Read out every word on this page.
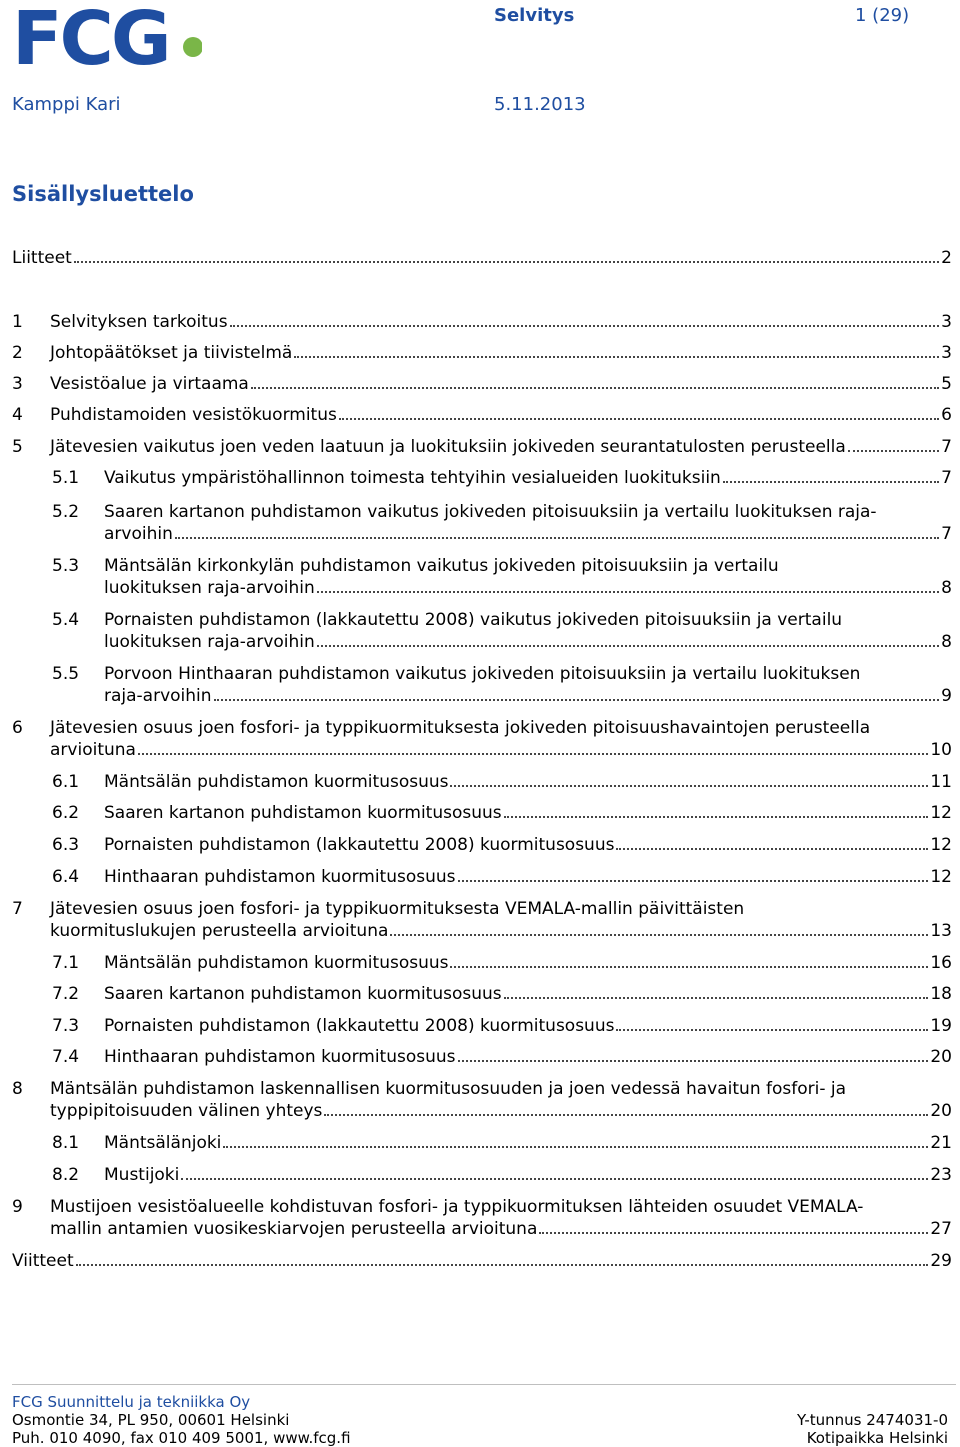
FCG	Selvitys	1 (29)
Kamppi Kari	5.11.2013
Sisällysluettelo
Liitteet	2
1 Selvityksen tarkoitus	3
2 Johtopäätökset ja tiivistelmä	3
3 Vesistöalue ja virtaama	5
4 Puhdistamoiden vesistökuormitus	6
5 Jätevesien vaikutus joen veden laatuun ja luokituksiin jokiveden seurantatulosten perusteella	7
5.1 Vaikutus ympäristöhallinnon toimesta tehtyihin vesialueiden luokituksiin	7
5.2 Saaren kartanon puhdistamon vaikutus jokiveden pitoisuuksiin ja vertailu luokituksen raja-
arvoihin	7
5.3 Mäntsälän kirkonkylän puhdistamon vaikutus jokiveden pitoisuuksiin ja vertailu
luokituksen raja-arvoihin	8
5.4 Pornaisten puhdistamon (lakkautettu 2008) vaikutus jokiveden pitoisuuksiin ja vertailu
luokituksen raja-arvoihin	8
5.5 Porvoon Hinthaaran puhdistamon vaikutus jokiveden pitoisuuksiin ja vertailu luokituksen
raja-arvoihin	9
6 Jätevesien osuus joen fosfori- ja typpikuormituksesta jokiveden pitoisuushavaintojen perusteella
arvioituna	10
6.1 Mäntsälän puhdistamon kuormitusosuus	11
6.2 Saaren kartanon puhdistamon kuormitusosuus	12
6.3 Pornaisten puhdistamon (lakkautettu 2008) kuormitusosuus	12
6.4 Hinthaaran puhdistamon kuormitusosuus	12
7 Jätevesien osuus joen fosfori- ja typpikuormituksesta VEMALA-mallin päivittäisten
kuormituslukujen perusteella arvioituna	13
7.1 Mäntsälän puhdistamon kuormitusosuus	16
7.2 Saaren kartanon puhdistamon kuormitusosuus	18
7.3 Pornaisten puhdistamon (lakkautettu 2008) kuormitusosuus	19
7.4 Hinthaaran puhdistamon kuormitusosuus	20
8 Mäntsälän puhdistamon laskennallisen kuormitusosuuden ja joen vedessä havaitun fosfori- ja
typpipitoisuuden välinen yhteys	20
8.1 Mäntsälänjoki	21
8.2 Mustijoki	23
9 Mustijoen vesistöalueelle kohdistuvan fosfori- ja typpikuormituksen lähteiden osuudet VEMALA-
mallin antamien vuosikeskiarvojen perusteella arvioituna	27
Viitteet	29
FCG Suunnittelu ja tekniikka Oy
Osmontie 34, PL 950, 00601 Helsinki
Puh. 010 4090, fax 010 409 5001, www.fcg.fi
Y-tunnus 2474031-0
Kotipaikka Helsinki
